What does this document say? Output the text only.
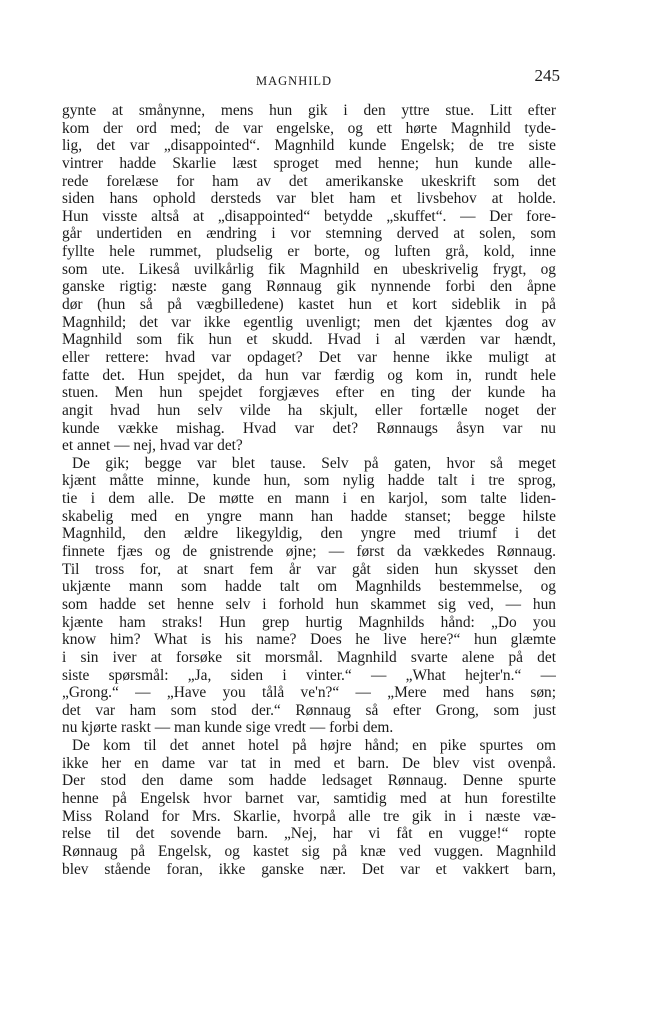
MAGNHILD	245
gynte at smånynne, mens hun gik i den yttre stue. Litt efter
kom der ord med; de var engelske, og ett hørte Magnhild tyde-
lig, det var „disappointed“. Magnhild kunde Engelsk; de tre siste
vintrer hadde Skarlie læst sproget med henne; hun kunde alle-
rede forelæse for ham av det amerikanske ukeskrift som det
siden hans ophold dersteds var blet ham et livsbehov at holde.
Hun visste altså at „disappointed“ betydde „skuffet“. — Der fore-
går undertiden en ændring i vor stemning derved at solen, som
fyllte hele rummet, pludselig er borte, og luften grå, kold, inne
som ute. Likeså uvilkårlig fik Magnhild en ubeskrivelig frygt, og
ganske rigtig: næste gang Rønnaug gik nynnende forbi den åpne
dør (hun så på vægbilledene) kastet hun et kort sideblik in på
Magnhild; det var ikke egentlig uvenligt; men det kjæntes dog av
Magnhild som fik hun et skudd. Hvad i al værden var hændt,
eller rettere: hvad var opdaget? Det var henne ikke muligt at
fatte det. Hun spejdet, da hun var færdig og kom in, rundt hele
stuen. Men hun spejdet forgjæves efter en ting der kunde ha
angit hvad hun selv vilde ha skjult, eller fortælle noget der
kunde vække mishag. Hvad var det? Rønnaugs åsyn var nu
et annet — nej, hvad var det?
De gik; begge var blet tause. Selv på gaten, hvor så meget
kjænt måtte minne, kunde hun, som nylig hadde talt i tre sprog,
tie i dem alle. De møtte en mann i en karjol, som talte liden-
skabelig med en yngre mann han hadde stanset; begge hilste
Magnhild, den ældre likegyldig, den yngre med triumf i det
finnete fjæs og de gnistrende øjne; — først da vækkedes Rønnaug.
Til tross for, at snart fem år var gåt siden hun skysset den
ukjænte mann som hadde talt om Magnhilds bestemmelse, og
som hadde set henne selv i forhold hun skammet sig ved, — hun
kjænte ham straks! Hun grep hurtig Magnhilds hånd: „Do you
know him? What is his name? Does he live here?“ hun glæmte
i sin iver at forsøke sit morsmål. Magnhild svarte alene på det
siste spørsmål: „Ja, siden i vinter.“ — „What hejter'n.“ —
„Grong.“ — „Have you tålå ve'n?“ — „Mere med hans søn;
det var ham som stod der.“ Rønnaug så efter Grong, som just
nu kjørte raskt — man kunde sige vredt — forbi dem.
De kom til det annet hotel på højre hånd; en pike spurtes om
ikke her en dame var tat in med et barn. De blev vist ovenpå.
Der stod den dame som hadde ledsaget Rønnaug. Denne spurte
henne på Engelsk hvor barnet var, samtidig med at hun forestilte
Miss Roland for Mrs. Skarlie, hvorpå alle tre gik in i næste væ-
relse til det sovende barn. „Nej, har vi fåt en vugge!“ ropte
Rønnaug på Engelsk, og kastet sig på knæ ved vuggen. Magnhild
blev stående foran, ikke ganske nær. Det var et vakkert barn,
